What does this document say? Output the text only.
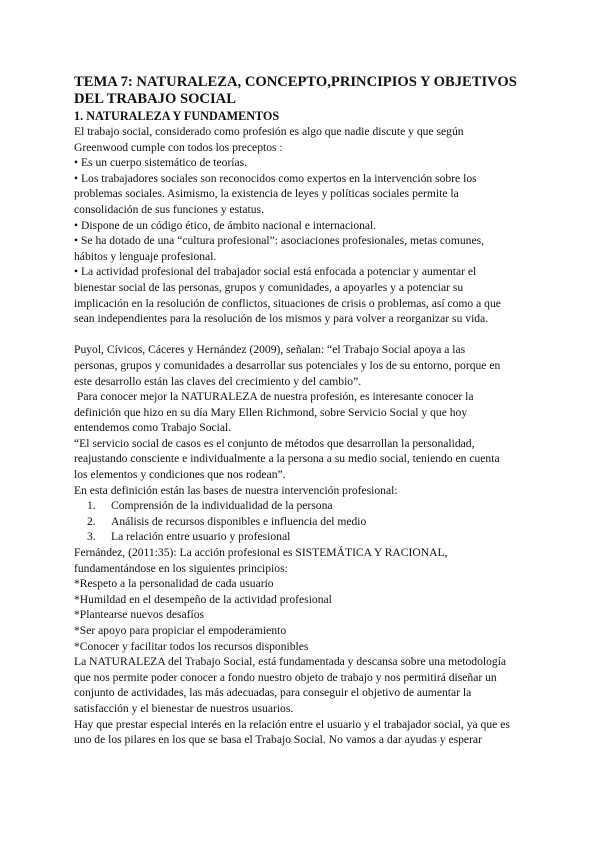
TEMA 7: NATURALEZA, CONCEPTO,PRINCIPIOS Y OBJETIVOS
DEL TRABAJO SOCIAL

1. NATURALEZA Y FUNDAMENTOS

El trabajo social, considerado como profesión es algo que nadie discute y que según
Greenwood cumple con todos los preceptos :

• Es un cuerpo sistemático de teorías.

• Los trabajadores sociales son reconocidos como expertos en la intervención sobre los
problemas sociales. Asimismo, la existencia de leyes y políticas sociales permite la
consolidación de sus funciones y estatus.

• Dispone de un código ético, de ámbito nacional e internacional.

• Se ha dotado de una “cultura profesional”: asociaciones profesionales, metas comunes,
hábitos y lenguaje profesional.

• La actividad profesional del trabajador social está enfocada a potenciar y aumentar el
bienestar social de las personas, grupos y comunidades, a apoyarles y a potenciar su
implicación en la resolución de conflictos, situaciones de crisis o problemas, así como a que
sean independientes para la resolución de los mismos y para volver a reorganizar su vida.

Puyol, Cívicos, Cáceres y Hernández (2009), señalan: “el Trabajo Social apoya a las
personas, grupos y comunidades a desarrollar sus potenciales y los de su entorno, porque en
este desarrollo están las claves del crecimiento y del cambio”.

Para conocer mejor la NATURALEZA de nuestra profesión, es interesante conocer la
definición que hizo en su día Mary Ellen Richmond, sobre Servicio Social y que hoy
entendemos como Trabajo Social.

“El servicio social de casos es el conjunto de métodos que desarrollan la personalidad,
reajustando consciente e individualmente a la persona a su medio social, teniendo en cuenta
los elementos y condiciones que nos rodean”.

En esta definición están las bases de nuestra intervención profesional:

1. Comprensión de la individualidad de la persona
2. Análisis de recursos disponibles e influencia del medio
3. La relación entre usuario y profesional

Fernández, (2011:35): La acción profesional es SISTEMÁTICA Y RACIONAL,
fundamentándose en los siguientes principios:

*Respeto a la personalidad de cada usuario
*Humildad en el desempeño de la actividad profesional
*Plantearse nuevos desafíos
*Ser apoyo para propiciar el empoderamiento
*Conocer y facilitar todos los recursos disponibles

La NATURALEZA del Trabajo Social, está fundamentada y descansa sobre una metodología
que nos permite poder conocer a fondo nuestro objeto de trabajo y nos permitirá diseñar un
conjunto de actividades, las más adecuadas, para conseguir el objetivo de aumentar la
satisfacción y el bienestar de nuestros usuarios.

Hay que prestar especial interés en la relación entre el usuario y el trabajador social, ya que es
uno de los pilares en los que se basa el Trabajo Social. No vamos a dar ayudas y esperar
